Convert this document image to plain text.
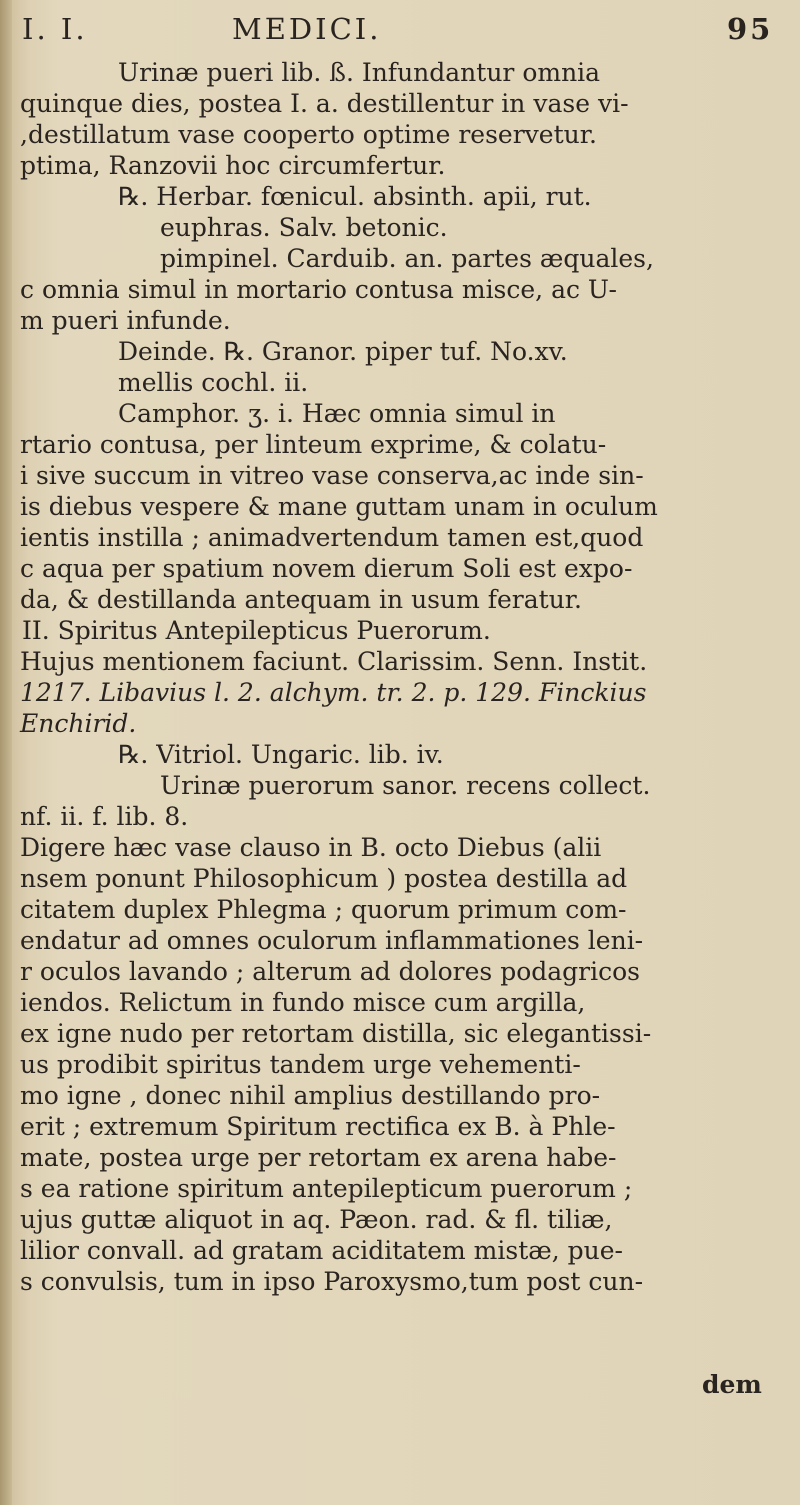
I. I.	MEDICI.	95
Urinæ pueri lib. ß. Infundantur omnia
quinque dies, postea I. a. destillentur in vase vi-
,destillatum vase cooperto optime reservetur.
ptima, Ranzovii hoc circumfertur.
℞. Herbar. fœnicul. absinth. apii, rut.
euphras. Salv. betonic.
pimpinel. Carduib. an. partes æquales,
c omnia simul in mortario contusa misce, ac U-
m pueri infunde.
Deinde. ℞. Granor. piper tuf. No.xv.
mellis cochl. ii.
Camphor. ʒ. i. Hæc omnia simul in
rtario contusa, per linteum exprime, & colatu-
i sive succum in vitreo vase conserva,ac inde sin-
is diebus vespere & mane guttam unam in oculum
ientis instilla ; animadvertendum tamen est,quod
c aqua per spatium novem dierum Soli est expo-
da, & destillanda antequam in usum feratur.
II. Spiritus Antepilepticus Puerorum.
Hujus mentionem faciunt. Clarissim. Senn. Instit.
1217. Libavius l. 2. alchym. tr. 2. p. 129. Finckius
Enchirid.
℞. Vitriol. Ungaric. lib. iv.
Urinæ puerorum sanor. recens collect.
nf. ii. f. lib. 8.
Digere hæc vase clauso in B. octo Diebus (alii
nsem ponunt Philosophicum ) postea destilla ad
citatem duplex Phlegma ; quorum primum com-
endatur ad omnes oculorum inflammationes leni-
r oculos lavando ; alterum ad dolores podagricos
iendos. Relictum in fundo misce cum argilla,
ex igne nudo per retortam distilla, sic elegantissi-
us prodibit spiritus tandem urge vehementi-
mo igne , donec nihil amplius destillando pro-
erit ; extremum Spiritum rectifica ex B. à Phle-
mate, postea urge per retortam ex arena habe-
s ea ratione spiritum antepilepticum puerorum ;
ujus guttæ aliquot in aq. Pæon. rad. & fl. tiliæ,
lilior convall. ad gratam aciditatem mistæ, pue-
s convulsis, tum in ipso Paroxysmo,tum post cun-
dem
